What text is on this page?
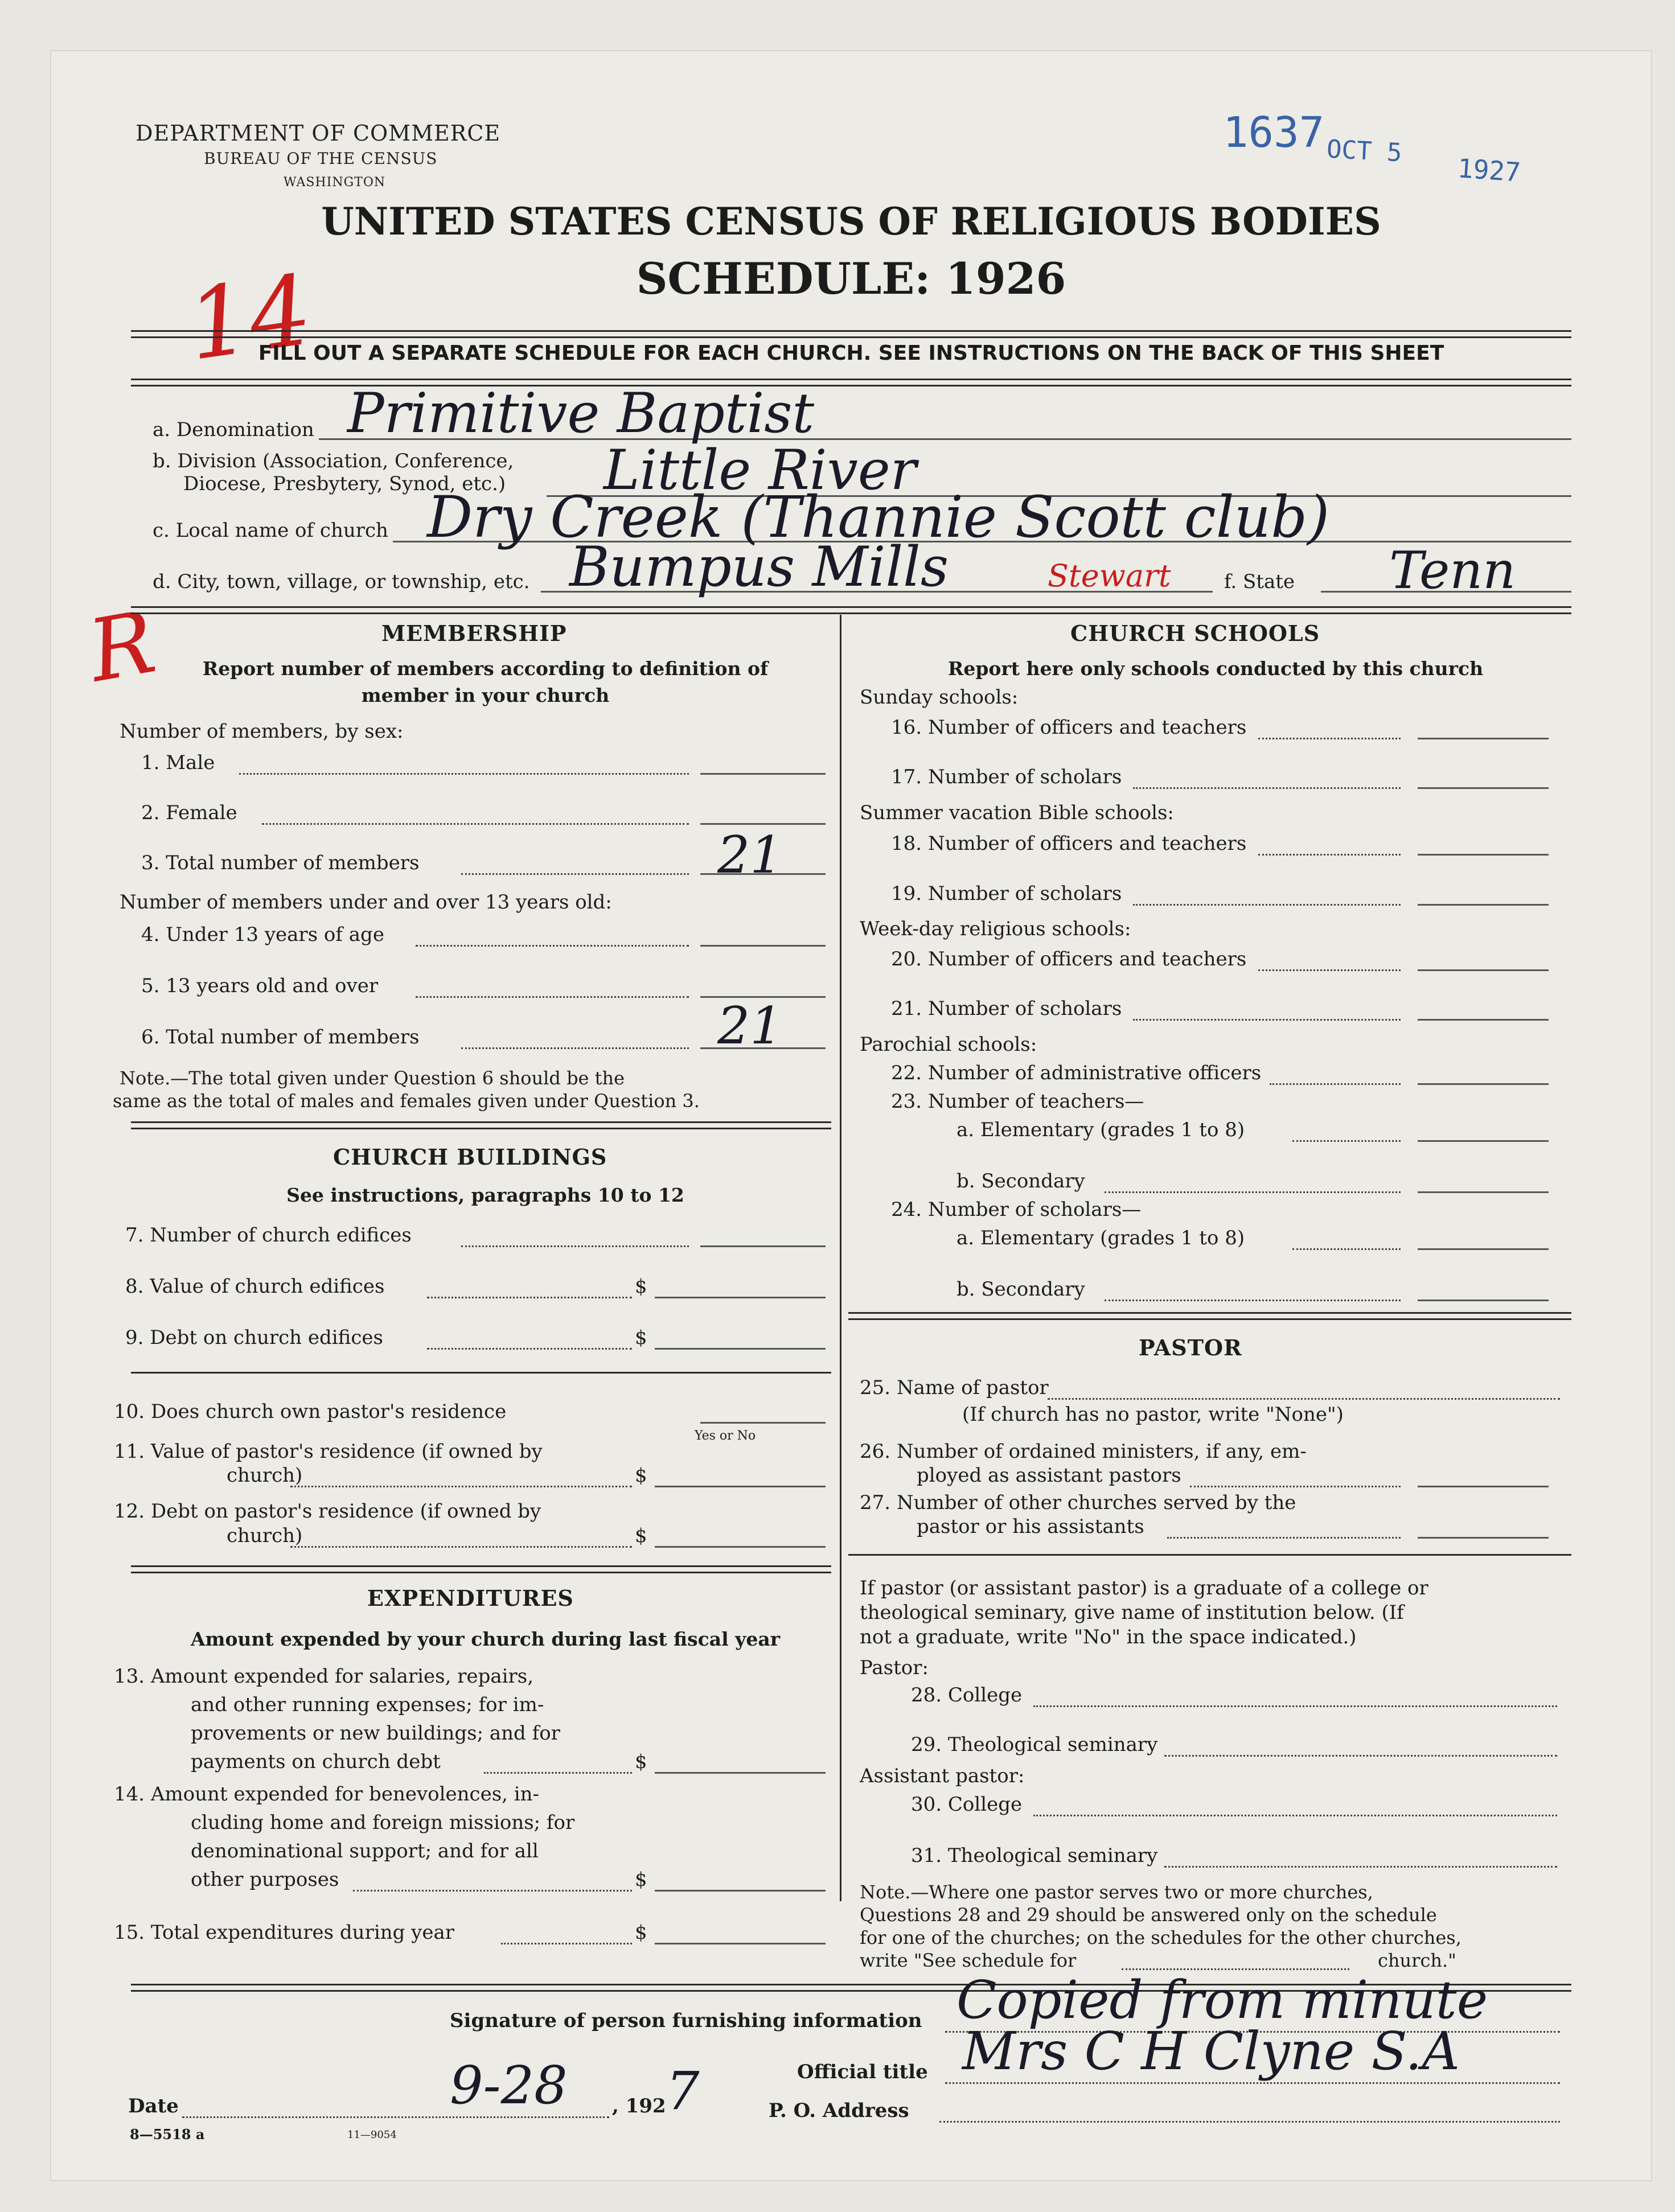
DEPARTMENT OF COMMERCE
BUREAU OF THE CENSUS
WASHINGTON
1637 OCT 5
1927
UNITED STATES CENSUS OF RELIGIOUS BODIES
SCHEDULE: 1926
14
R
FILL OUT A SEPARATE SCHEDULE FOR EACH CHURCH. SEE INSTRUCTIONS ON THE BACK OF THIS SHEET
a. Denomination Primitive Baptist
b. Division (Association, Conference,
Diocese, Presbytery, Synod, etc.) Little River
c. Local name of church Dry Creek (Thannie Scott club)
d. City, town, village, or township, etc. Bumpus Mills	Stewart	f. State Tenn
MEMBERSHIP
Report number of members according to definition of
member in your church
Number of members, by sex:
1. Male
2. Female
3. Total number of members	21
Number of members under and over 13 years old:
4. Under 13 years of age
5. 13 years old and over
6. Total number of members	21
Note.—The total given under Question 6 should be the
same as the total of males and females given under Question 3.
CHURCH BUILDINGS
See instructions, paragraphs 10 to 12
7. Number of church edifices
8. Value of church edifices	$
9. Debt on church edifices	$
10. Does church own pastor's residence
Yes or No
11. Value of pastor's residence (if owned by
church)	$
12. Debt on pastor's residence (if owned by
church)	$
EXPENDITURES
Amount expended by your church during last fiscal year
13. Amount expended for salaries, repairs,
and other running expenses; for im-
provements or new buildings; and for
payments on church debt	$
14. Amount expended for benevolences, in-
cluding home and foreign missions; for
denominational support; and for all
other purposes	$
15. Total expenditures during year	$
CHURCH SCHOOLS
Report here only schools conducted by this church
Sunday schools:
16. Number of officers and teachers
17. Number of scholars
Summer vacation Bible schools:
18. Number of officers and teachers
19. Number of scholars
Week-day religious schools:
20. Number of officers and teachers
21. Number of scholars
Parochial schools:
22. Number of administrative officers
23. Number of teachers—
a. Elementary (grades 1 to 8)
b. Secondary
24. Number of scholars—
a. Elementary (grades 1 to 8)
b. Secondary
PASTOR
25. Name of pastor
(If church has no pastor, write "None")
26. Number of ordained ministers, if any, em-
ployed as assistant pastors
27. Number of other churches served by the
pastor or his assistants
If pastor (or assistant pastor) is a graduate of a college or
theological seminary, give name of institution below. (If
not a graduate, write "No" in the space indicated.)
Pastor:
28. College
29. Theological seminary
Assistant pastor:
30. College
31. Theological seminary
Note.—Where one pastor serves two or more churches,
Questions 28 and 29 should be answered only on the schedule
for one of the churches; on the schedules for the other churches,
write "See schedule for	church."
Signature of person furnishing information Copied from minute
Official title Mrs C H Clyne S.A
Date	9-28 , 192 7	P. O. Address
8—5518 a	11—9054
